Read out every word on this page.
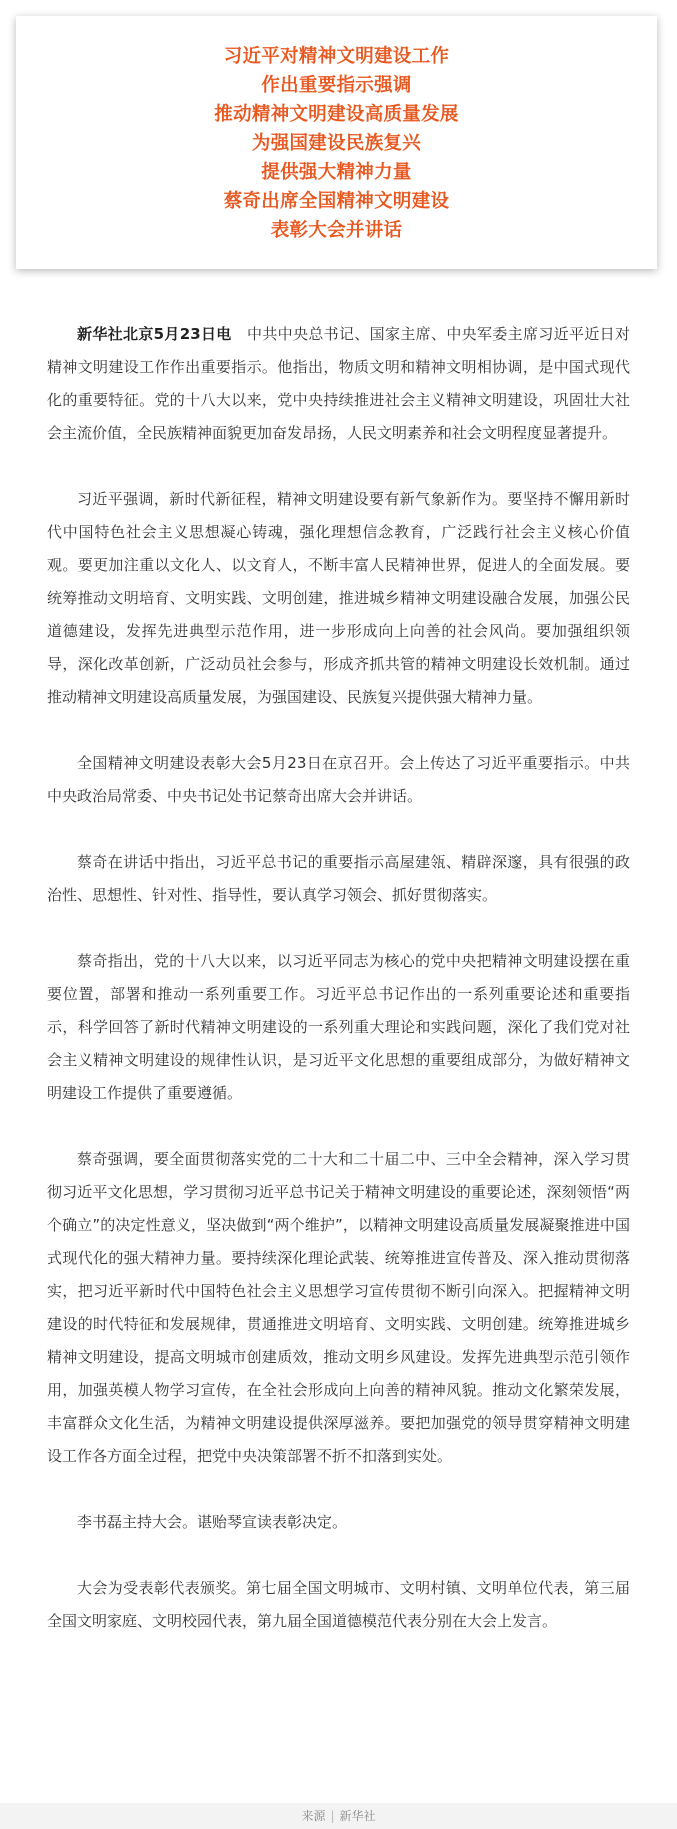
习近平对精神文明建设工作
作出重要指示强调
推动精神文明建设高质量发展
为强国建设民族复兴
提供强大精神力量
蔡奇出席全国精神文明建设
表彰大会并讲话

新华社北京5月23日电　 中共中央总书记、国家主席、中央军委主席习近平近日对精神文明建设工作作出重要指示。他指出，物质文明和精神文明相协调，是中国式现代化的重要特征。党的十八大以来，党中央持续推进社会主义精神文明建设，巩固壮大社会主流价值，全民族精神面貌更加奋发昂扬，人民文明素养和社会文明程度显著提升。

习近平强调，新时代新征程，精神文明建设要有新气象新作为。要坚持不懈用新时代中国特色社会主义思想凝心铸魂，强化理想信念教育，广泛践行社会主义核心价值观。要更加注重以文化人、以文育人，不断丰富人民精神世界，促进人的全面发展。要统筹推动文明培育、文明实践、文明创建，推进城乡精神文明建设融合发展，加强公民道德建设，发挥先进典型示范作用，进一步形成向上向善的社会风尚。要加强组织领导，深化改革创新，广泛动员社会参与，形成齐抓共管的精神文明建设长效机制。通过推动精神文明建设高质量发展，为强国建设、民族复兴提供强大精神力量。

全国精神文明建设表彰大会5月23日在京召开。会上传达了习近平重要指示。中共中央政治局常委、中央书记处书记蔡奇出席大会并讲话。

蔡奇在讲话中指出，习近平总书记的重要指示高屋建瓴、精辟深邃，具有很强的政治性、思想性、针对性、指导性，要认真学习领会、抓好贯彻落实。

蔡奇指出，党的十八大以来，以习近平同志为核心的党中央把精神文明建设摆在重要位置，部署和推动一系列重要工作。习近平总书记作出的一系列重要论述和重要指示，科学回答了新时代精神文明建设的一系列重大理论和实践问题，深化了我们党对社会主义精神文明建设的规律性认识，是习近平文化思想的重要组成部分，为做好精神文明建设工作提供了重要遵循。

蔡奇强调，要全面贯彻落实党的二十大和二十届二中、三中全会精神，深入学习贯彻习近平文化思想，学习贯彻习近平总书记关于精神文明建设的重要论述，深刻领悟“两个确立”的决定性意义，坚决做到“两个维护”，以精神文明建设高质量发展凝聚推进中国式现代化的强大精神力量。要持续深化理论武装、统筹推进宣传普及、深入推动贯彻落实，把习近平新时代中国特色社会主义思想学习宣传贯彻不断引向深入。把握精神文明建设的时代特征和发展规律，贯通推进文明培育、文明实践、文明创建。统筹推进城乡精神文明建设，提高文明城市创建质效，推动文明乡风建设。发挥先进典型示范引领作用，加强英模人物学习宣传，在全社会形成向上向善的精神风貌。推动文化繁荣发展，丰富群众文化生活，为精神文明建设提供深厚滋养。要把加强党的领导贯穿精神文明建设工作各方面全过程，把党中央决策部署不折不扣落到实处。

李书磊主持大会。谌贻琴宣读表彰决定。

大会为受表彰代表颁奖。第七届全国文明城市、文明村镇、文明单位代表，第三届全国文明家庭、文明校园代表，第九届全国道德模范代表分别在大会上发言。

来源 | 新华社
